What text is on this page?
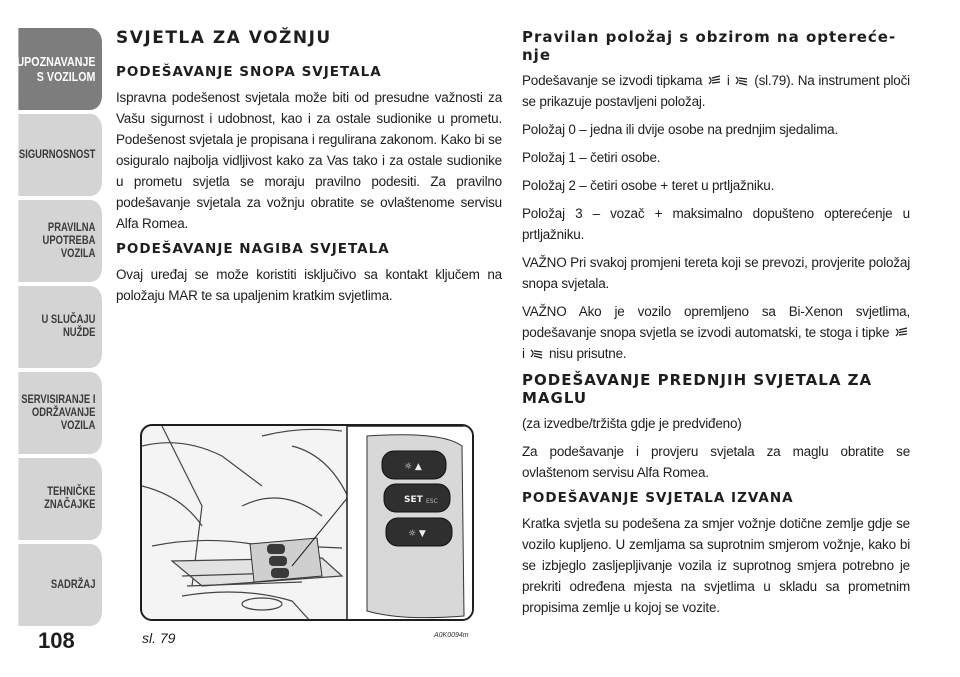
UPOZNAVANJE
S VOZILOM
SIGURNOSNOST
PRAVILNA
UPOTREBA
VOZILA
U SLUČAJU
NUŽDE
SERVISIRANJE I
ODRŽAVANJE
VOZILA
TEHNIČKE
ZNAČAJKE
SADRŽAJ
108
SVJETLA ZA VOŽNJU
PODEŠAVANJE SNOPA SVJETALA

Ispravna podešenost svjetala može biti od presudne važnosti za Vašu sigurnost i udobnost, kao i za ostale sudionike u prometu. Podešenost svjetala je propisana i regulirana zakonom. Kako bi se osiguralo najbolja vidljivost kako za Vas tako i za ostale sudionike u prometu svjetla se moraju pravilno podesiti. Za pravilno podešavanje svjetala za vožnju obratite se ovlaštenome servisu Alfa Romea.

PODEŠAVANJE NAGIBA SVJETALA

Ovaj uređaj se može koristiti isključivo sa kontakt ključem na položaju MAR te sa upaljenim kratkim svjetlima.

☼ ▲
SET ESC
☼ ▼
sl. 79	A0K0094m
Pravilan položaj s obzirom na optereće-nje

Podešavanje se izvodi tipkama i (sl.79). Na instrument ploči se prikazuje postavljeni položaj.

Položaj 0 – jedna ili dvije osobe na prednjim sjedalima.

Položaj 1 – četiri osobe.

Položaj 2 – četiri osobe + teret u prtljažniku.

Položaj 3 – vozač + maksimalno dopušteno opterećenje u prtljažniku.

VAŽNO Pri svakoj promjeni tereta koji se prevozi, provjerite položaj snopa svjetala.

VAŽNO Ako je vozilo opremljeno sa Bi-Xenon svjetlima, podešavanje snopa svjetla se izvodi automatski, te stoga i tipke  i nisu prisutne.

PODEŠAVANJE PREDNJIH SVJETALA ZA MAGLU

(za izvedbe/tržišta gdje je predviđeno)

Za podešavanje i provjeru svjetala za maglu obratite se ovlaštenom servisu Alfa Romea.

PODEŠAVANJE SVJETALA IZVANA

Kratka svjetla su podešena za smjer vožnje dotične zemlje gdje se vozilo kupljeno. U zemljama sa suprotnim smjerom vožnje, kako bi se izbjeglo zasljepljivanje vozila iz suprotnog smjera potrebno je prekriti određena mjesta na svjetlima u skladu sa prometnim propisima zemlje u kojoj se vozite.
